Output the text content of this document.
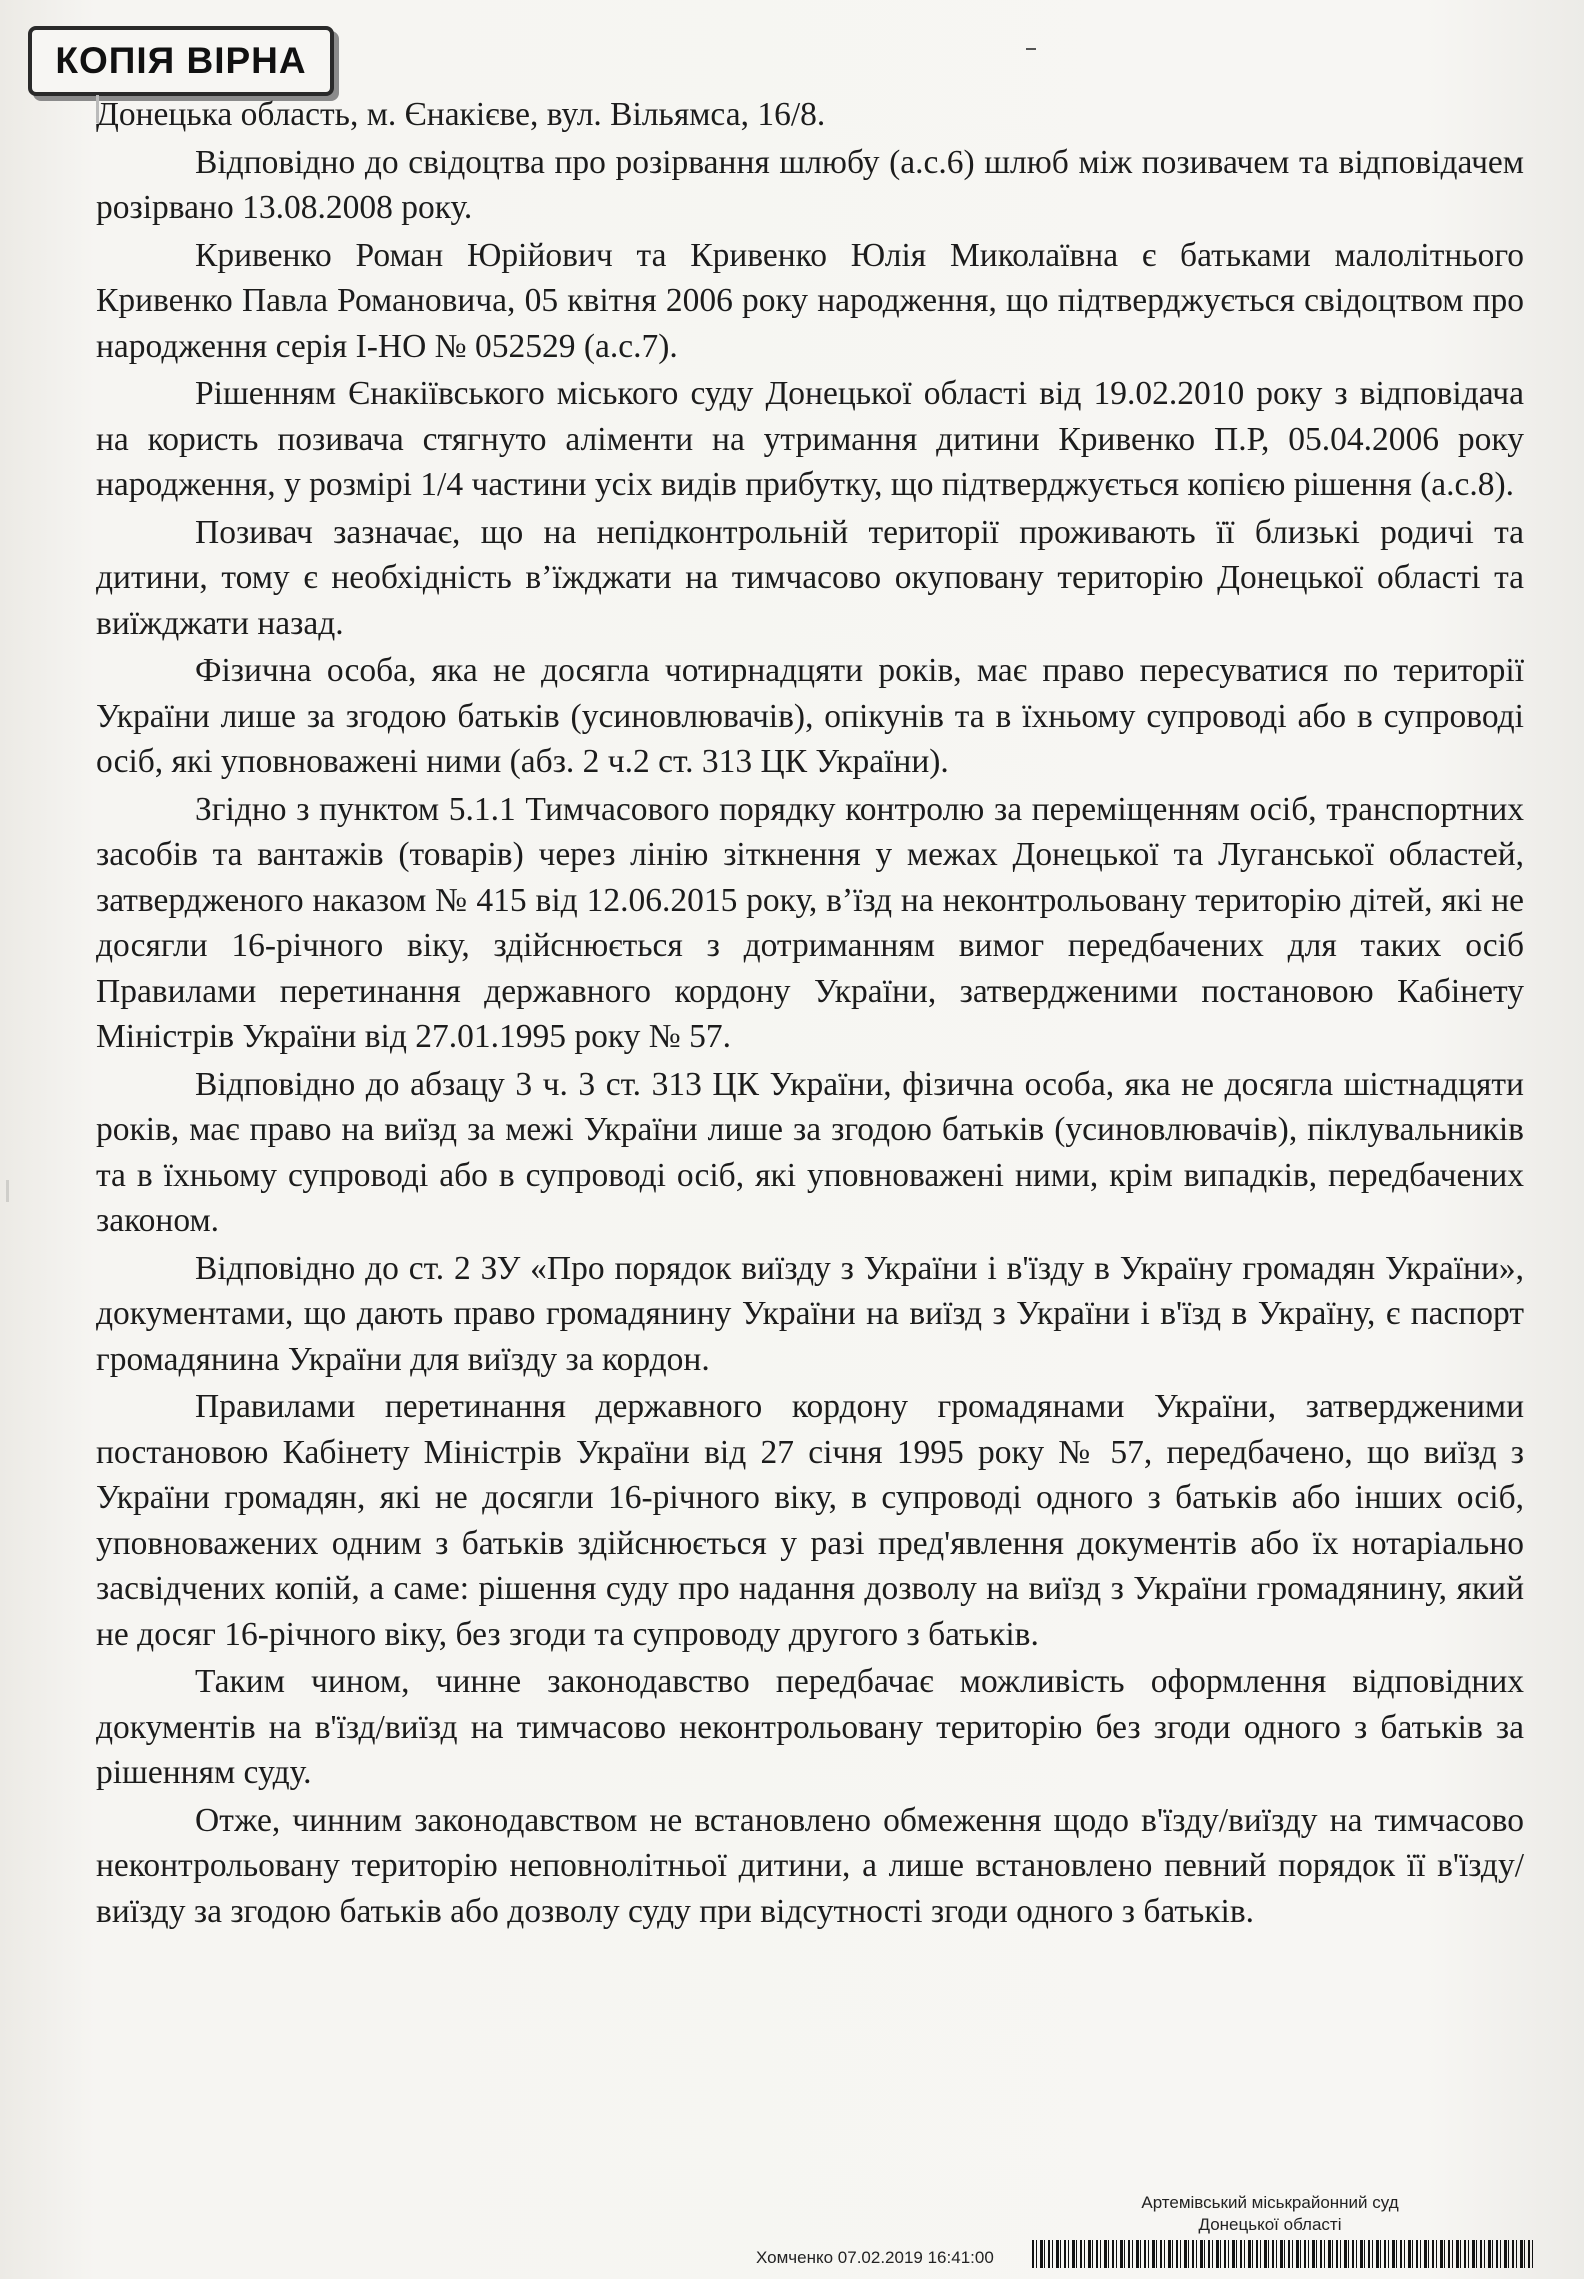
КОПІЯ ВІРНА

Донецька область, м. Єнакієве, вул. Вільямса, 16/8.

Відповідно до свідоцтва про розірвання шлюбу (а.с.6) шлюб між позивачем та відповідачем розірвано 13.08.2008 року.

Кривенко Роман Юрійович та Кривенко Юлія Миколаївна є батьками малолітнього Кривенко Павла Романовича, 05 квітня 2006 року народження, що підтверджується свідоцтвом про народження серія І-НО № 052529 (а.с.7).

Рішенням Єнакіївського міського суду Донецької області від 19.02.2010 року з відповідача на користь позивача стягнуто аліменти на утримання дитини Кривенко П.Р, 05.04.2006 року народження, у розмірі 1/4 частини усіх видів прибутку, що підтверджується копією рішення (а.с.8).

Позивач зазначає, що на непідконтрольній території проживають її близькі родичі та дитини, тому є необхідність в’їжджати на тимчасово окуповану територію Донецької області та виїжджати назад.

Фізична особа, яка не досягла чотирнадцяти років, має право пересуватися по території України лише за згодою батьків (усиновлювачів), опікунів та в їхньому супроводі або в супроводі осіб, які уповноважені ними (абз. 2 ч.2 ст. 313 ЦК України).

Згідно з пунктом 5.1.1 Тимчасового порядку контролю за переміщенням осіб, транспортних засобів та вантажів (товарів) через лінію зіткнення у межах Донецької та Луганської областей, затвердженого наказом № 415 від 12.06.2015 року, в’їзд на неконтрольовану територію дітей, які не досягли 16-річного віку, здійснюється з дотриманням вимог передбачених для таких осіб Правилами перетинання державного кордону України, затвердженими постановою Кабінету Міністрів України від 27.01.1995 року № 57.

Відповідно до абзацу 3 ч. 3 ст. 313 ЦК України, фізична особа, яка не досягла шістнадцяти років, має право на виїзд за межі України лише за згодою батьків (усиновлювачів), піклувальників та в їхньому супроводі або в супроводі осіб, які уповноважені ними, крім випадків, передбачених законом.

Відповідно до ст. 2 ЗУ «Про порядок виїзду з України і в'їзду в Україну громадян України», документами, що дають право громадянину України на виїзд з України і в'їзд в Україну, є паспорт громадянина України для виїзду за кордон.

Правилами перетинання державного кордону громадянами України, затвердженими постановою Кабінету Міністрів України від 27 січня 1995 року № 57, передбачено, що виїзд з України громадян, які не досягли 16-річного віку, в супроводі одного з батьків або інших осіб, уповноважених одним з батьків здійснюється у разі пред'явлення документів або їх нотаріально засвідчених копій, а саме: рішення суду про надання дозволу на виїзд з України громадянину, який не досяг 16-річного віку, без згоди та супроводу другого з батьків.

Таким чином, чинне законодавство передбачає можливість оформлення відповідних документів на в'їзд/виїзд на тимчасово неконтрольовану територію без згоди одного з батьків за рішенням суду.

Отже, чинним законодавством не встановлено обмеження щодо в'їзду/виїзду на тимчасово неконтрольовану територію неповнолітньої дитини, а лише встановлено певний порядок її в'їзду/виїзду за згодою батьків або дозволу суду при відсутності згоди одного з батьків.

Артемівський міськрайонний суд
Донецької області
Хомченко 07.02.2019 16:41:00
